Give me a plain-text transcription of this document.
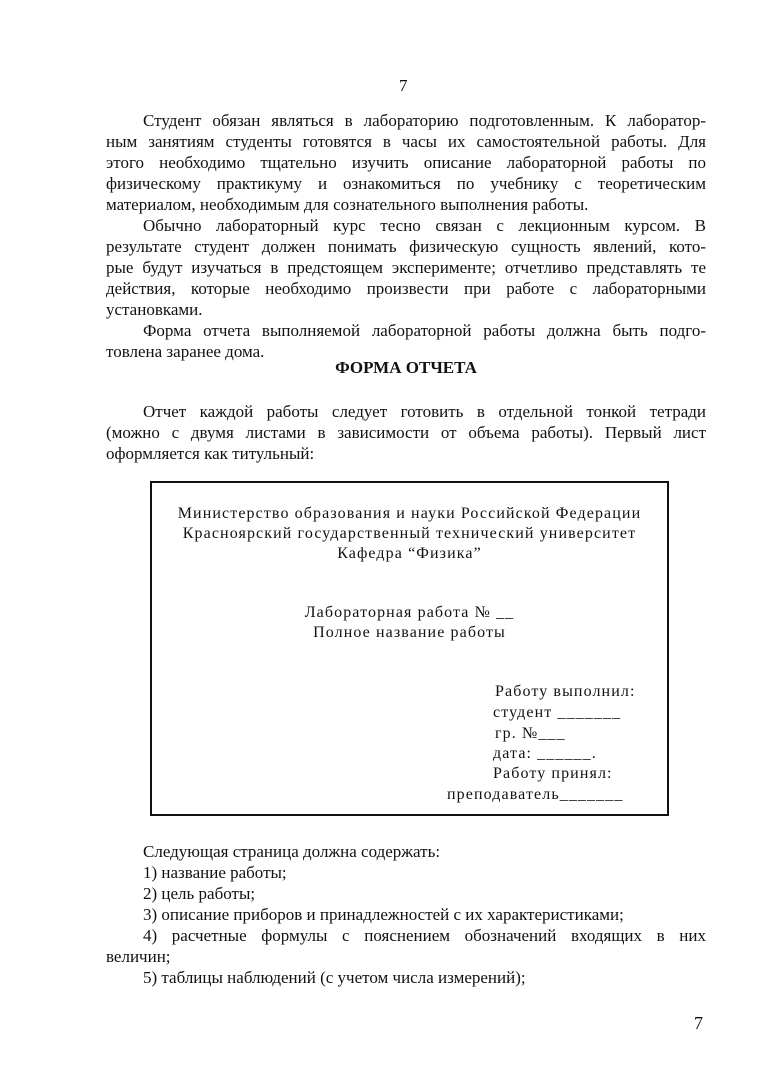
7
Студент обязан являться в лабораторию подготовленным. К лаборатор-
ным занятиям студенты готовятся в часы их самостоятельной работы. Для
этого необходимо тщательно изучить описание лабораторной работы по
физическому практикуму и ознакомиться по учебнику с теоретическим
материалом, необходимым для сознательного выполнения работы.
Обычно лабораторный курс тесно связан с лекционным курсом. В
результате студент должен понимать физическую сущность явлений, кото-
рые будут изучаться в предстоящем эксперименте; отчетливо представлять те
действия, которые необходимо произвести при работе с лабораторными
установками.
Форма отчета выполняемой лабораторной работы должна быть подго-
товлена заранее дома.
ФОРМА ОТЧЕТА
Отчет каждой работы следует готовить в отдельной тонкой тетради
(можно с двумя листами в зависимости от объема работы). Первый лист
оформляется как титульный:
Министерство образования и науки Российской Федерации
Красноярский государственный технический университет
Кафедра “Физика”
Лабораторная работа № __
Полное название работы
Работу выполнил:
студент _______
гр. №___
дата: ______.
Работу принял:
преподаватель_______
Следующая страница должна содержать:
1) название работы;
2) цель работы;
3) описание приборов и принадлежностей с их характеристиками;
4) расчетные формулы с пояснением обозначений входящих в них
величин;
5) таблицы наблюдений (с учетом числа измерений);
7
